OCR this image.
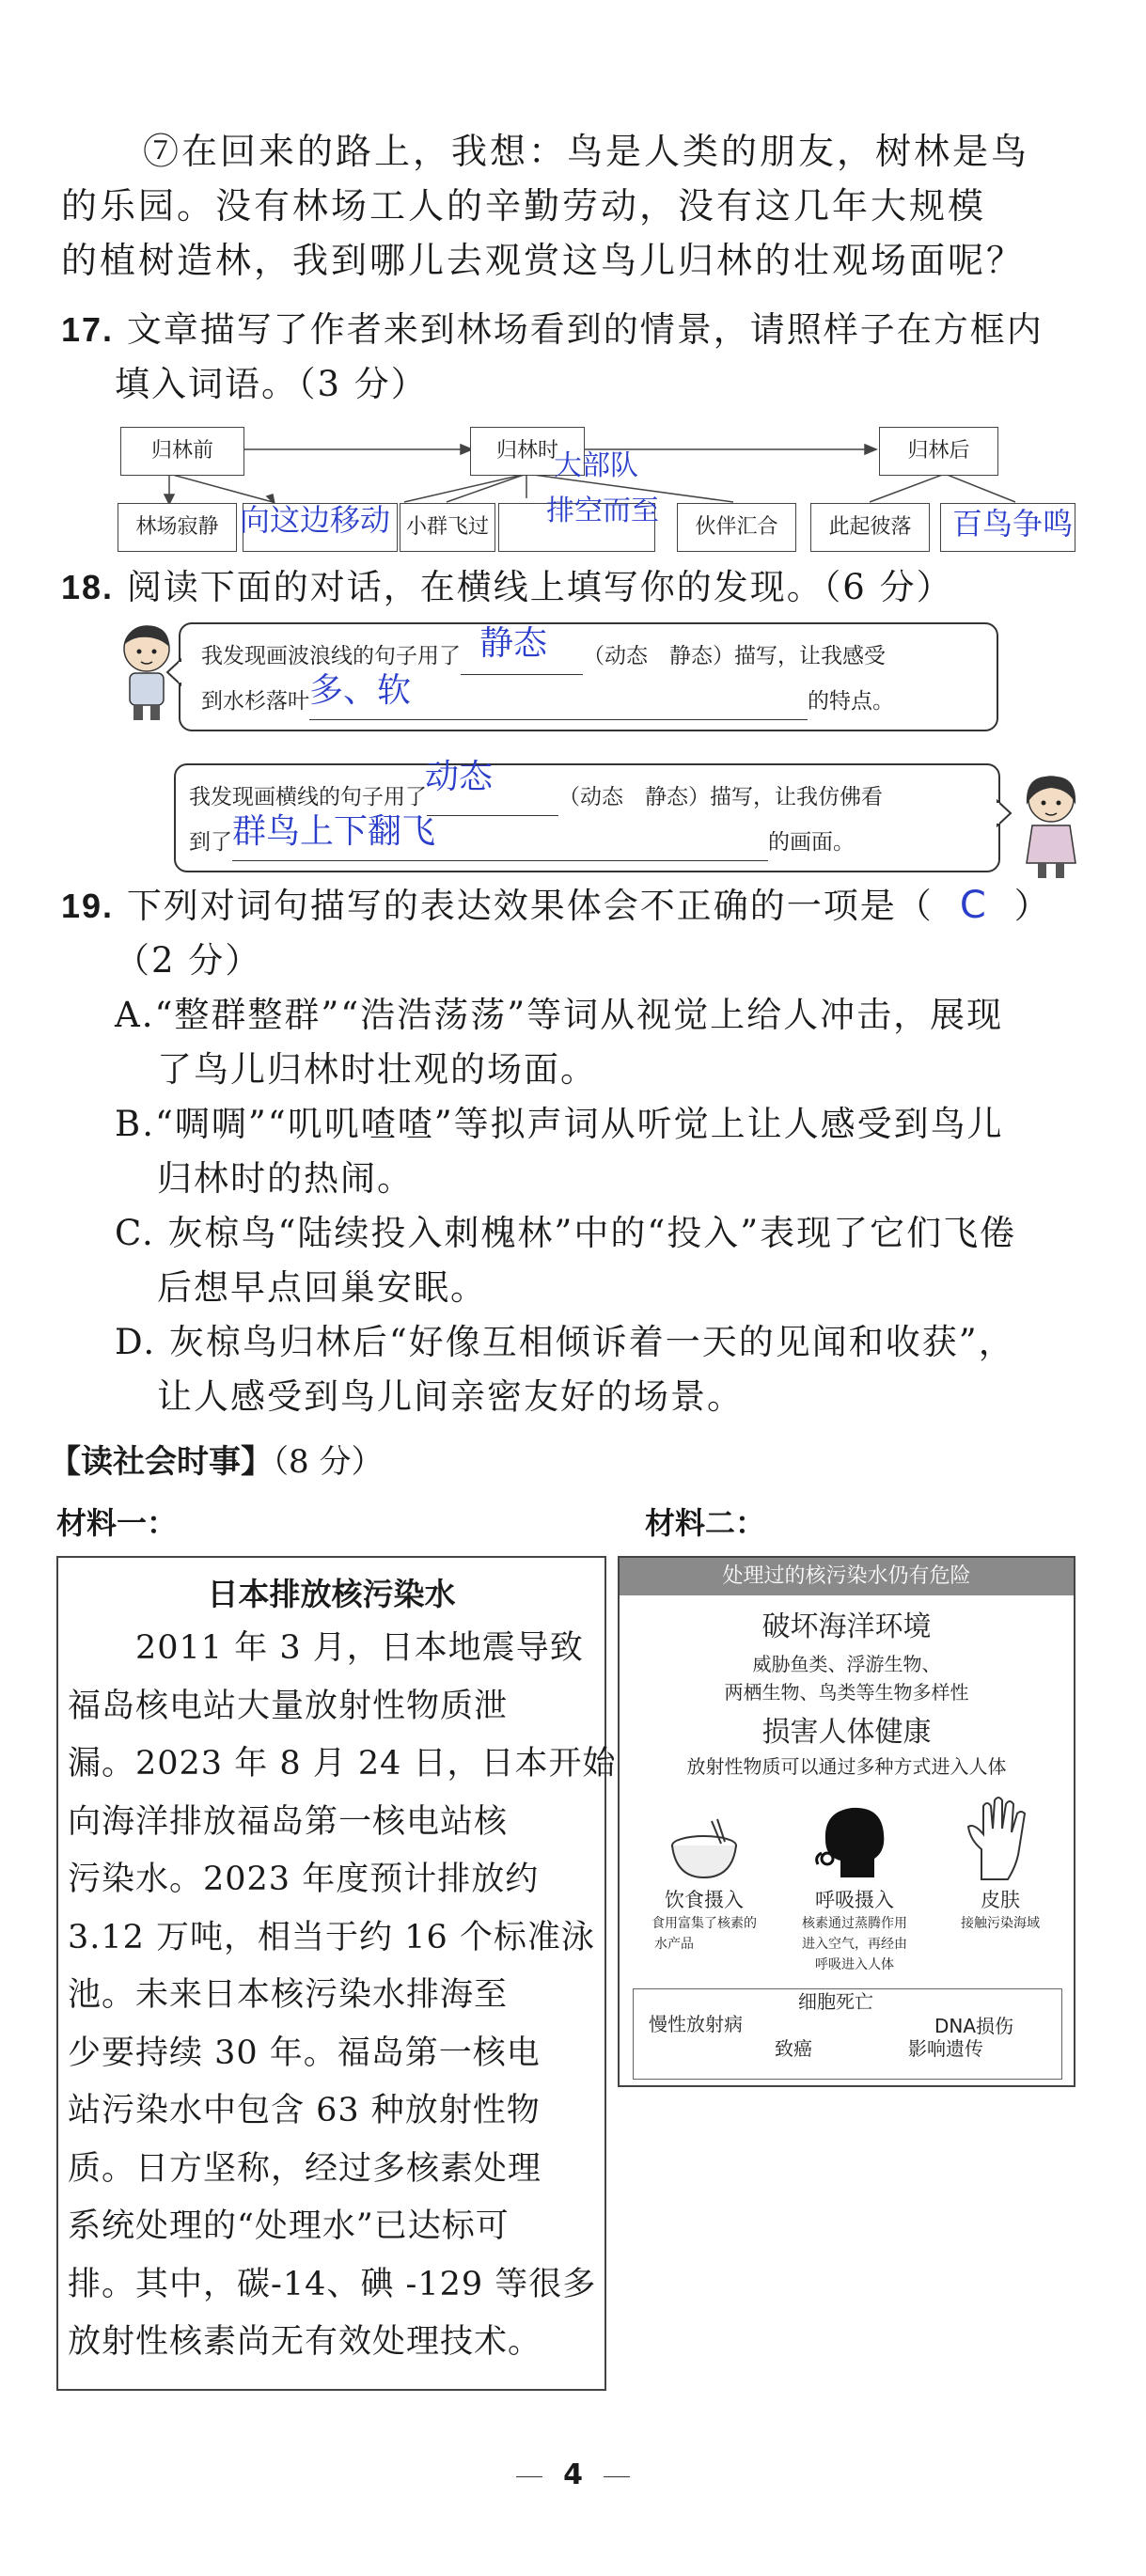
⑦在回来的路上，我想：鸟是人类的朋友，树林是鸟
的乐园。没有林场工人的辛勤劳动，没有这几年大规模
的植树造林，我到哪儿去观赏这鸟儿归林的壮观场面呢？
17. 文章描写了作者来到林场看到的情景，请照样子在方框内
填入词语。（3 分）
归林前	归林时	归林后
林场寂静 向这边移动 小群飞过
大部队
排空而至	伙伴汇合	此起彼落	百鸟争鸣
18. 阅读下面的对话，在横线上填写你的发现。（6 分）
我发现画波浪线的句子用了 静态 （动态　静态）描写，让我感受
到水杉落叶 多、软	的特点。
我发现画横线的句子用了
动态
（动态　静态）描写，让我仿佛看
到了 群鸟上下翻飞	的画面。
19. 下列对词句描写的表达效果体会不正确的一项是（ C ）
（2 分）
A.“整群整群”“浩浩荡荡”等词从视觉上给人冲击，展现
了鸟儿归林时壮观的场面。
B.“啁啁”“叽叽喳喳”等拟声词从听觉上让人感受到鸟儿
归林时的热闹。
C. 灰椋鸟“陆续投入刺槐林”中的“投入”表现了它们飞倦
后想早点回巢安眠。
D. 灰椋鸟归林后“好像互相倾诉着一天的见闻和收获”，
让人感受到鸟儿间亲密友好的场景。
【读社会时事】（8 分）
材料一：	材料二：
日本排放核污染水
　　2011 年 3 月，日本地震导致
福岛核电站大量放射性物质泄
漏。2023 年 8 月 24 日，日本开始
向海洋排放福岛第一核电站核
污染水。2023 年度预计排放约
3.12 万吨，相当于约 16 个标准泳
池。未来日本核污染水排海至
少要持续 30 年。福岛第一核电
站污染水中包含 63 种放射性物
质。日方坚称，经过多核素处理
系统处理的“处理水”已达标可
排。其中，碳-14、碘 -129 等很多
放射性核素尚无有效处理技术。
处理过的核污染水仍有危险
破坏海洋环境
威胁鱼类、浮游生物、
两栖生物、鸟类等生物多样性
损害人体健康
放射性物质可以通过多种方式进入人体
饮食摄入
食用富集了核素的
水产品
呼吸摄入
核素通过蒸腾作用
进入空气，再经由
呼吸进入人体
皮肤
接触污染海域
细胞死亡
慢性放射病	DNA损伤
致癌	影响遗传
4
